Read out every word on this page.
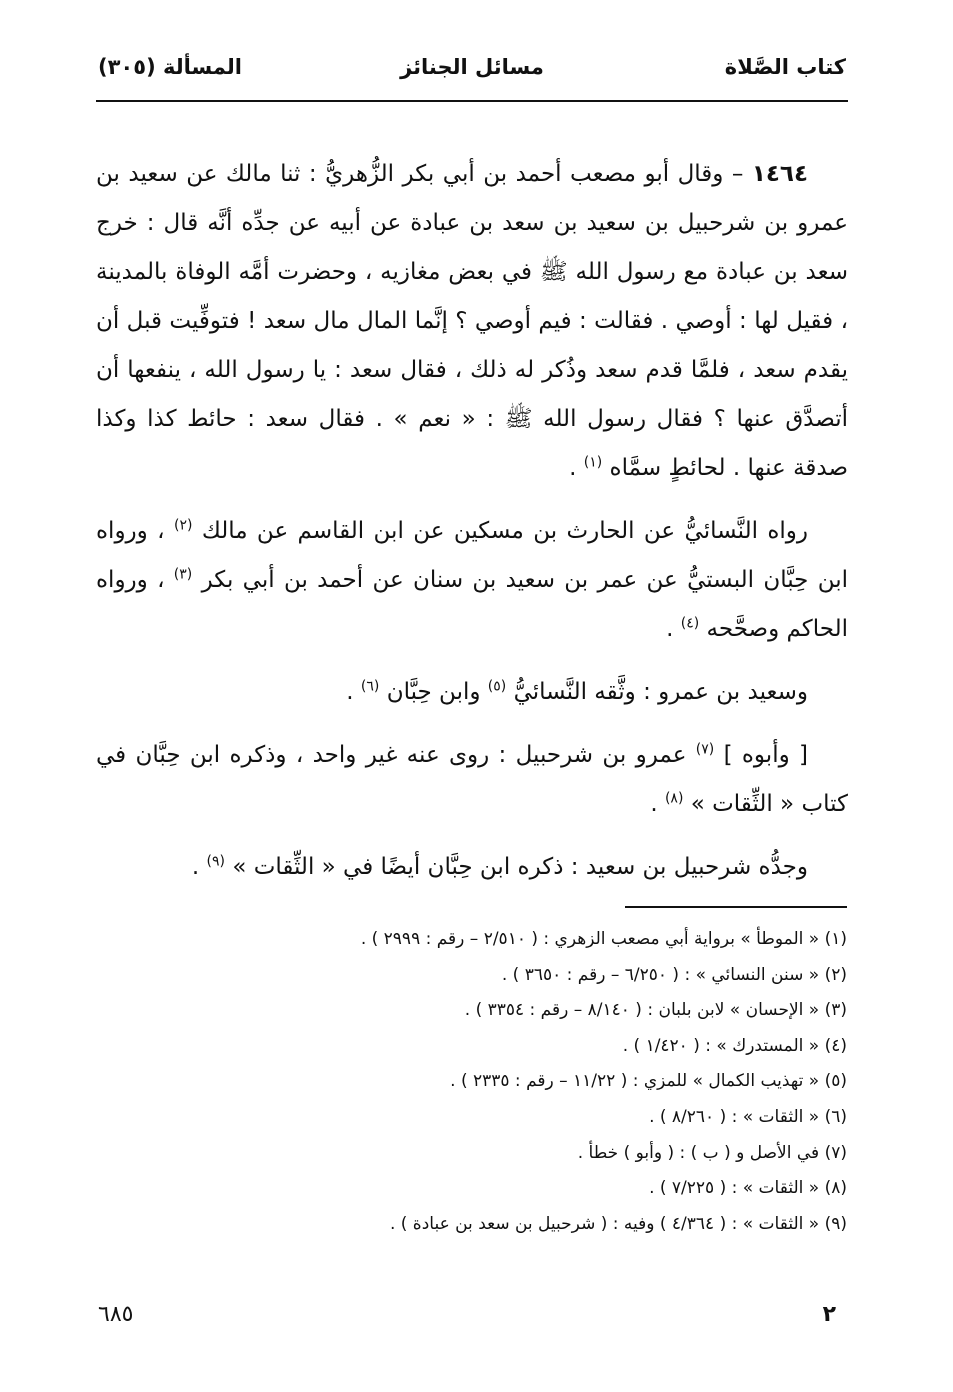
كتاب الصَّلاة
مسائل الجنائز
المسألة (٣٠٥)

١٤٦٤ – وقال أبو مصعب أحمد بن أبي بكر الزُّهريُّ : ثنا مالك عن سعيد بن عمرو بن شرحبيل بن سعيد بن سعد بن عبادة عن أبيه عن جدِّه أنَّه قال : خرج سعد بن عبادة مع رسول الله ﷺ في بعض مغازيه ، وحضرت أمَّه الوفاة بالمدينة ، فقيل لها : أوصي . فقالت : فيم أوصي ؟ إنَّما المال مال سعد ! فتوفِّيت قبل أن يقدم سعد ، فلمَّا قدم سعد وذُكر له ذلك ، فقال سعد : يا رسول الله ، ينفعها أن أتصدَّق عنها ؟ فقال رسول الله ﷺ : « نعم » . فقال سعد : حائط كذا وكذا صدقة عنها . لحائطٍ سمَّاه $^{(١)}$ .

رواه النَّسائيُّ عن الحارث بن مسكين عن ابن القاسم عن مالك $^{(٢)}$ ، ورواه ابن حِبَّان البستيُّ عن عمر بن سعيد بن سنان عن أحمد بن أبي بكر $^{(٣)}$ ، ورواه الحاكم وصحَّحه $^{(٤)}$ .

وسعيد بن عمرو : وثَّقه النَّسائيُّ $^{(٥)}$ وابن حِبَّان $^{(٦)}$ .

[ وأبوه ] $^{(٧)}$ عمرو بن شرحبيل : روى عنه غير واحد ، وذكره ابن حِبَّان في كتاب « الثِّقات » $^{(٨)}$ .

وجدُّه شرحبيل بن سعيد : ذكره ابن حِبَّان أيضًا في « الثِّقات » $^{(٩)}$ .

(١) « الموطأ » برواية أبي مصعب الزهري : ( ٢/٥١٠ – رقم : ٢٩٩٩ ) .

(٢) « سنن النسائي » : ( ٦/٢٥٠ – رقم : ٣٦٥٠ ) .

(٣) « الإحسان » لابن بلبان : ( ٨/١٤٠ – رقم : ٣٣٥٤ ) .

(٤) « المستدرك » : ( ١/٤٢٠ ) .

(٥) « تهذيب الكمال » للمزي : ( ١١/٢٢ – رقم : ٢٣٣٥ ) .

(٦) « الثقات » : ( ٨/٢٦٠ ) .

(٧) في الأصل و ( ب ) : ( وأبو ) خطأ .

(٨) « الثقات » : ( ٧/٢٢٥ ) .

(٩) « الثقات » : ( ٤/٣٦٤ ) وفيه : ( شرحبيل بن سعد بن عبادة ) .

٢
٦٨٥
